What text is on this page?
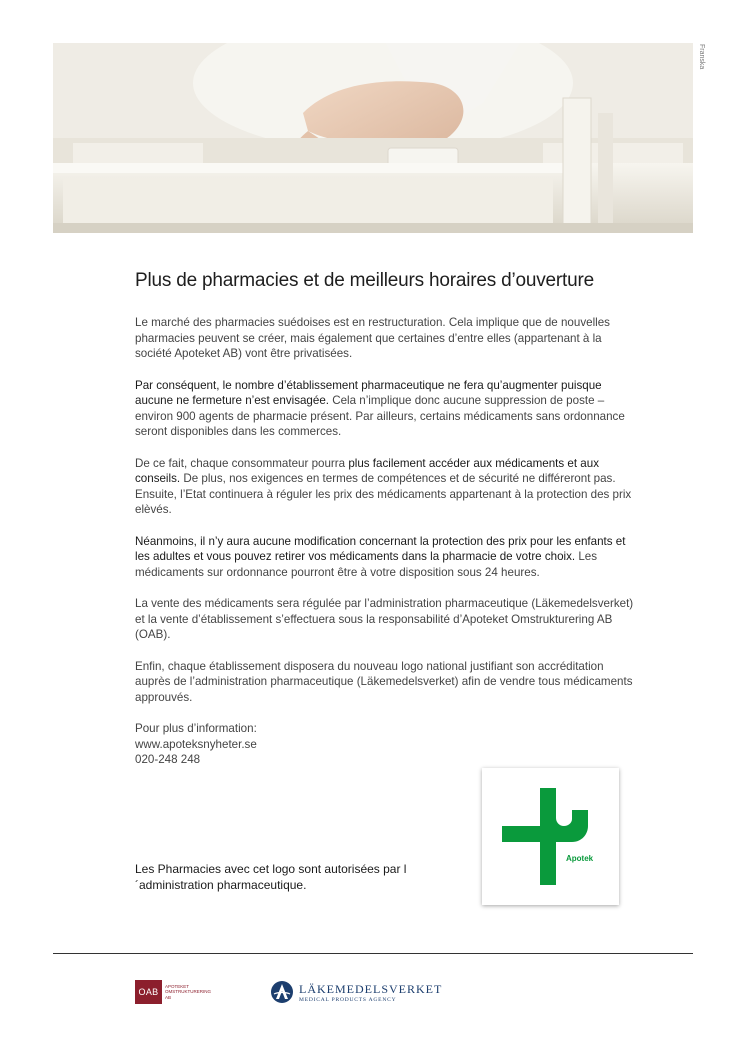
Franska
Plus de pharmacies et de meilleurs horaires d’ouverture

Le marché des pharmacies suédoises est en restructuration. Cela implique que de nouvelles pharmacies peuvent se créer, mais également que certaines d’entre elles (appartenant à la société Apoteket AB) vont être privatisées.

Par conséquent, le nombre d’établissement pharmaceutique ne fera qu’augmenter puisque aucune ne fermeture n’est envisagée. Cela n’implique donc aucune suppression de poste – environ 900 agents de pharmacie présent. Par ailleurs, certains médicaments sans ordonnance seront disponibles dans les commerces.

De ce fait, chaque consommateur pourra plus facilement accéder aux médicaments et aux conseils. De plus, nos exigences en termes de compétences et de sécurité ne différeront pas. Ensuite, l’Etat continuera à réguler les prix des médicaments appartenant à la protection des prix elèvés.

Néanmoins, il n’y aura aucune modification concernant la protection des prix pour les enfants et les adultes et vous pouvez retirer vos médicaments dans la pharmacie de votre choix. Les médicaments sur ordonnance pourront être à votre disposition sous 24 heures.

La vente des médicaments sera régulée par l’administration pharmaceutique (Läkemedelsverket) et la vente d’établissement s’effectuera sous la responsabilité d’Apoteket Omstrukturering AB (OAB).

Enfin, chaque établissement disposera du nouveau logo national justifiant son accréditation auprès de l’administration pharmaceutique (Läkemedelsverket) afin de vendre tous médicaments approuvés.

Pour plus d’information:
www.apoteksnyheter.se
020-248 248

Les Pharmacies avec cet logo sont autorisées par l´administration pharmaceutique.
Apotek
OAB
APOTEKET
OMSTRUKTURERING
AB
LÄKEMEDELSVERKET
MEDICAL PRODUCTS AGENCY
